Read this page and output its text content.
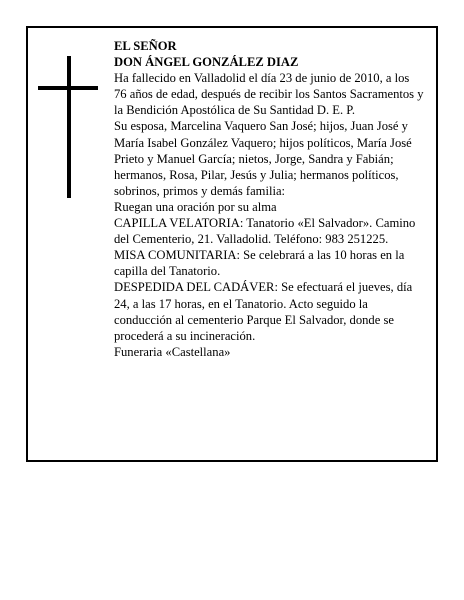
EL SEÑOR

DON ÁNGEL GONZÁLEZ DIAZ

Ha fallecido en Valladolid el día 23 de junio de 2010, a los 76 años de edad, después de recibir los Santos Sacramentos y la Bendición Apostólica de Su Santidad D. E. P.

Su esposa, Marcelina Vaquero San José; hijos, Juan José y María Isabel González Vaquero; hijos políticos, María José Prieto y Manuel García; nietos, Jorge, Sandra y Fabián; hermanos, Rosa, Pilar, Jesús y Julia; hermanos políticos, sobrinos, primos y demás familia:

Ruegan una oración por su alma

CAPILLA VELATORIA: Tanatorio «El Salvador». Camino del Cementerio, 21. Valladolid. Teléfono: 983 251225.

MISA COMUNITARIA: Se celebrará a las 10 horas en la capilla del Tanatorio.

DESPEDIDA DEL CADÁVER: Se efectuará el jueves, día 24, a las 17 horas, en el Tanatorio. Acto seguido la conducción al cementerio Parque El Salvador, donde se procederá a su incineración.

Funeraria «Castellana»
